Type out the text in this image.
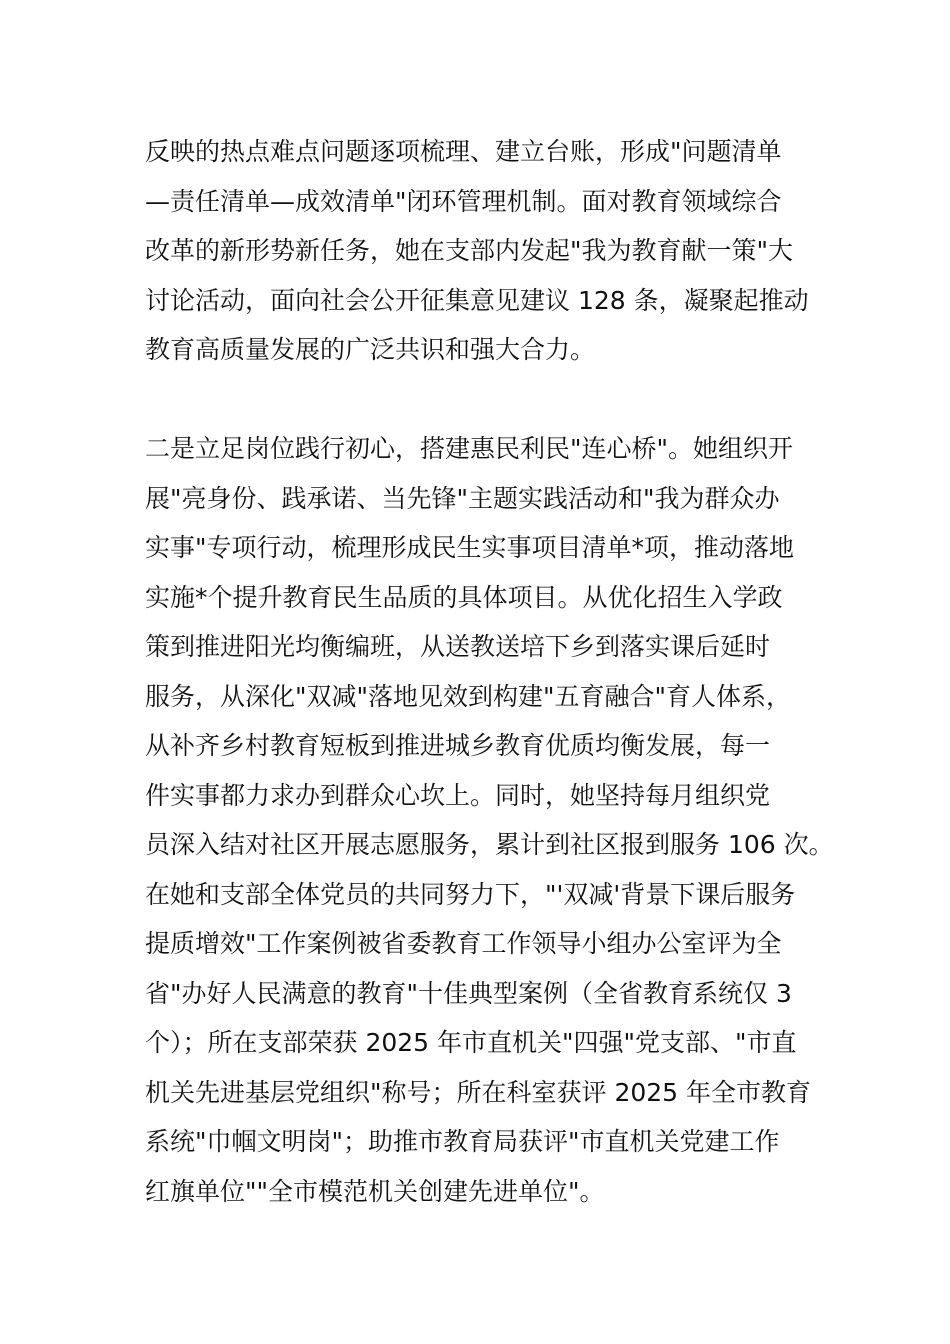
反映的热点难点问题逐项梳理、建立台账，形成"问题清单
—责任清单—成效清单"闭环管理机制。面对教育领域综合
改革的新形势新任务，她在支部内发起"我为教育献一策"大
讨论活动，面向社会公开征集意见建议 128 条，凝聚起推动
教育高质量发展的广泛共识和强大合力。
二是立足岗位践行初心，搭建惠民利民"连心桥"。她组织开
展"亮身份、践承诺、当先锋"主题实践活动和"我为群众办
实事"专项行动，梳理形成民生实事项目清单*项，推动落地
实施*个提升教育民生品质的具体项目。从优化招生入学政
策到推进阳光均衡编班，从送教送培下乡到落实课后延时
服务，从深化"双减"落地见效到构建"五育融合"育人体系，
从补齐乡村教育短板到推进城乡教育优质均衡发展，每一
件实事都力求办到群众心坎上。同时，她坚持每月组织党
员深入结对社区开展志愿服务，累计到社区报到服务 106 次。
在她和支部全体党员的共同努力下，"'双减'背景下课后服务
提质增效"工作案例被省委教育工作领导小组办公室评为全
省"办好人民满意的教育"十佳典型案例（全省教育系统仅 3
个）；所在支部荣获 2025 年市直机关"四强"党支部、"市直
机关先进基层党组织"称号；所在科室获评 2025 年全市教育
系统"巾帼文明岗"；助推市教育局获评"市直机关党建工作
红旗单位""全市模范机关创建先进单位"。
